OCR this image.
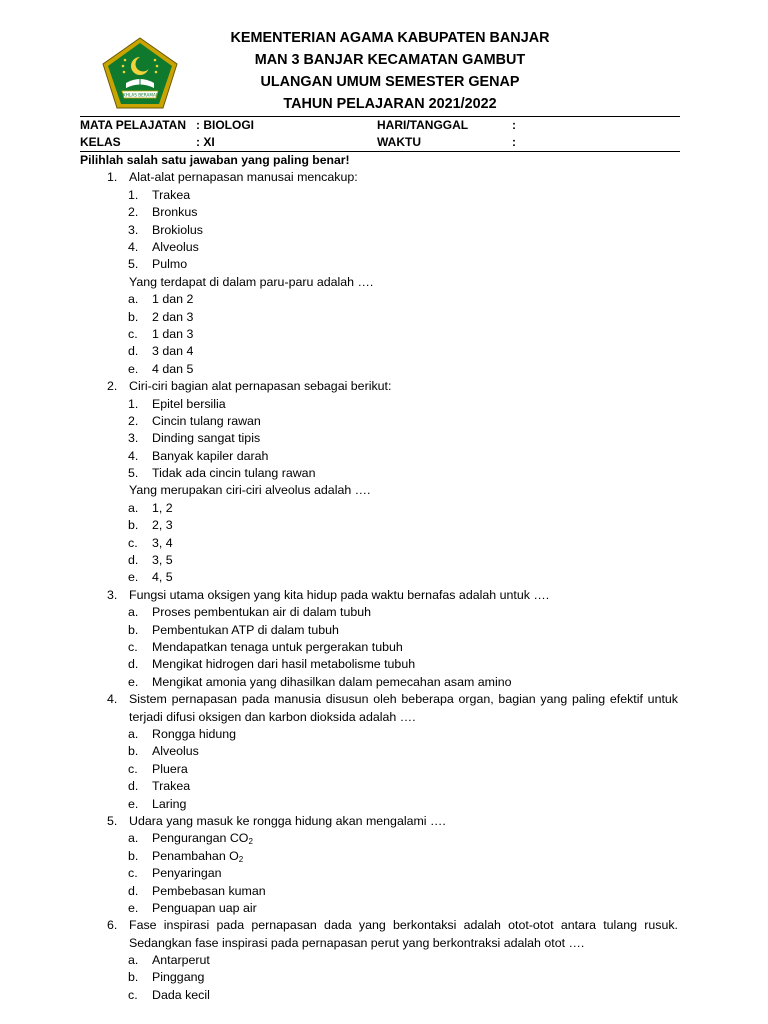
IKHLAS BERAMAL
KEMENTERIAN AGAMA KABUPATEN BANJAR
MAN 3 BANJAR KECAMATAN GAMBUT
ULANGAN UMUM SEMESTER GENAP
TAHUN PELAJARAN 2021/2022
MATA PELAJATAN : BIOLOGI	HARI/TANGGAL	:
KELAS	: XI	WAKTU	:
Pilihlah salah satu jawaban yang paling benar!
1. Alat-alat pernapasan manusai mencakup:
1. Trakea
2. Bronkus
3. Brokiolus
4. Alveolus
5. Pulmo
Yang terdapat di dalam paru-paru adalah ….
a. 1 dan 2
b. 2 dan 3
c. 1 dan 3
d. 3 dan 4
e. 4 dan 5
2. Ciri-ciri bagian alat pernapasan sebagai berikut:
1. Epitel bersilia
2. Cincin tulang rawan
3. Dinding sangat tipis
4. Banyak kapiler darah
5. Tidak ada cincin tulang rawan
Yang merupakan ciri-ciri alveolus adalah ….
a. 1, 2
b. 2, 3
c. 3, 4
d. 3, 5
e. 4, 5
3. Fungsi utama oksigen yang kita hidup pada waktu bernafas adalah untuk ….
a. Proses pembentukan air di dalam tubuh
b. Pembentukan ATP di dalam tubuh
c. Mendapatkan tenaga untuk pergerakan tubuh
d. Mengikat hidrogen dari hasil metabolisme tubuh
e. Mengikat amonia yang dihasilkan dalam pemecahan asam amino
4. Sistem pernapasan pada manusia disusun oleh beberapa organ, bagian yang paling efektif untuk terjadi difusi oksigen dan karbon dioksida adalah ….
a. Rongga hidung
b. Alveolus
c. Pluera
d. Trakea
e. Laring
5. Udara yang masuk ke rongga hidung akan mengalami ….
a. Pengurangan $CO_2$
b. Penambahan $O_2$
c. Penyaringan
d. Pembebasan kuman
e. Penguapan uap air
6. Fase inspirasi pada pernapasan dada yang berkontaksi adalah otot-otot antara tulang rusuk. Sedangkan fase inspirasi pada pernapasan perut yang berkontraksi adalah otot ….
a. Antarperut
b. Pinggang
c. Dada kecil
